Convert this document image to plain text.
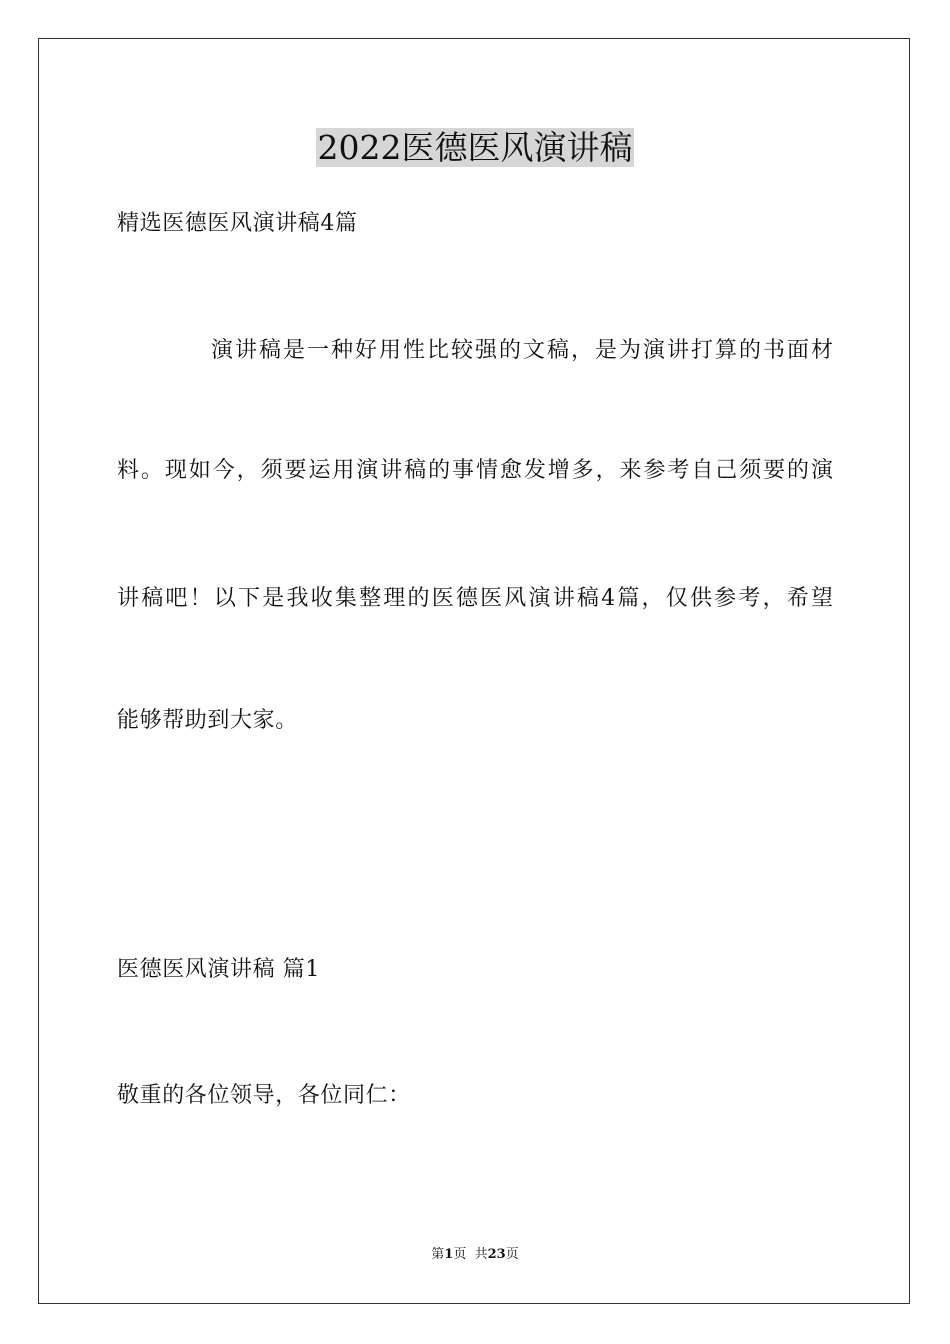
2022医德医风演讲稿

精选医德医风演讲稿4篇

演讲稿是一种好用性比较强的文稿，是为演讲打算的书面材

料。现如今，须要运用演讲稿的事情愈发增多，来参考自己须要的演

讲稿吧！以下是我收集整理的医德医风演讲稿4篇，仅供参考，希望

能够帮助到大家。

医德医风演讲稿 篇1

敬重的各位领导，各位同仁：

第1页  共23页
